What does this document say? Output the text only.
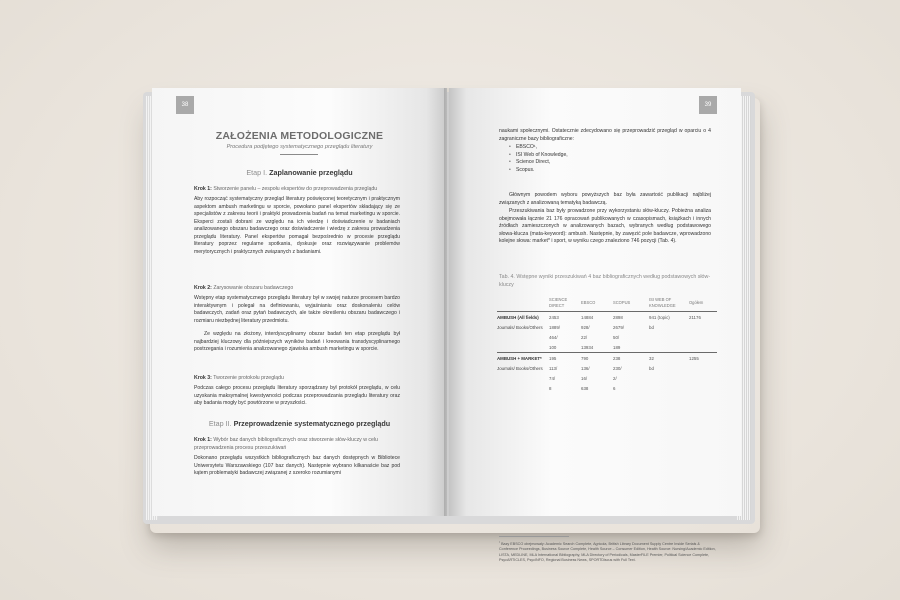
38
ZAŁOŻENIA METODOLOGICZNE
Procedura podjętego systematycznego przeglądu literatury
Etap I. Zaplanowanie przeglądu
Krok 1: Stworzenie panelu – zespołu ekspertów do przeprowadzenia przeglądu
Aby rozpocząć systematyczny przegląd literatury poświęconej teoretycznym i praktycznym aspektom ambush marketingu w sporcie, powołano panel ekspertów składający się ze specjalistów z zakresu teorii i praktyki prowadzenia badań na temat marketingu w sporcie. Eksperci zostali dobrani ze względu na ich wiedzę i doświadczenie w badaniach analizowanego obszaru badawczego oraz doświadczenie i wiedzę z zakresu prowadzenia przeglądu literatury. Panel ekspertów pomagał bezpośrednio w procesie przeglądu literatury poprzez regularne spotkania, dyskusje oraz rozwiązywanie problemów merytorycznych i praktycznych związanych z badaniami.
Krok 2: Zarysowanie obszaru badawczego
Wstępny etap systematycznego przeglądu literatury był w swojej naturze procesem bardzo interaktywnym i polegał na definiowaniu, wyjaśnianiu oraz doskonaleniu celów badawczych, zadań oraz pytań badawczych, ale także określeniu obszaru badawczego i rozmiaru niezbędnej literatury przedmiotu.
Ze względu na złożony, interdyscyplinarny obszar badań ten etap przeglądu był najbardziej kluczowy dla późniejszych wyników badań i kreowania transdyscyplinarnego postrzegania i rozumienia analizowanego zjawiska ambush marketingu w sporcie.
Krok 3: Tworzenie protokołu przeglądu
Podczas całego procesu przeglądu literatury sporządzany był protokół przeglądu, w celu uzyskania maksymalnej kwestywności podczas przeprowadzania przeglądu literatury oraz aby badania mogły być powtórzone w przyszłości.
Etap II. Przeprowadzenie systematycznego przeglądu
Krok 1: Wybór baz danych bibliograficznych oraz stworzenie słów-kluczy w celu przeprowadzenia procesu przeszukiwań
Dokonano przeglądu wszystkich bibliograficznych baz danych dostępnych w Bibliotece Uniwersytetu Warszawskiego (107 baz danych). Następnie wybrano kilkanaście baz pod kątem problematyki badawczej związanej z szeroko rozumianymi
39
naukami społecznymi. Ostatecznie zdecydowano się przeprowadzić przegląd w oparciu o 4 zagraniczne bazy bibliograficzne:
• EBSCO¹,
• ISI Web of Knowledge,
• Science Direct,
• Scopus.
Głównym powodem wyboru powyższych baz była zawartość publikacji najbliżej związanych z analizowaną tematyką badawczą.
Przeszukiwania baz były prowadzone przy wykorzystaniu słów-kluczy. Pobieżna analiza obejmowała łącznie 21 176 opracowań publikowanych w czasopismach, książkach i innych źródłach zamieszczonych w analizowanych bazach, wybranych według podstawowego słowa-klucza (mata-keyword): ambush. Następnie, by zawęzić pole badawcze, wprowadzono kolejne słowa: market* i sport, w wyniku czego znaleziono 746 pozycji (Tab. 4).
Tab. 4. Wstępne wyniki przeszukiwań 4 baz bibliograficznych według podstawowych słów-kluczy
	SCIENCE DIRECT	EBSCO	SCOPUS	ISI WEB OF KNOWLEDGE	Ogółem

AMBUSH (All fields)	2453	14884	2898	941 (topic)	21176
Journals/ Books/Others	1889/	928/	2679/	bd	
	464/	22/	50/		
	100	13934	189		

AMBUSH + MARKET*	195	790	238	32	1255
Journals/ Books/Others	113/	136/	230/	bd	
	74/	16/	2/		
	8	638	6		
$^{^1}$ Bazy EBSCO obejmowały: Academic Search Complete, Agricola, British Library Document Supply Centre Inside Serials & Conference Proceedings, Business Source Complete, Health Source – Consumer Edition, Health Source: Nursing/Academic Edition, LISTA, MEDLINE, MLA International Bibliography, MLA Directory of Periodicals, MasterFILE Premier, Political Science Complete, PsycARTICLES, PsycINFO, Regional Business News, SPORTDiscus with Full Text.
